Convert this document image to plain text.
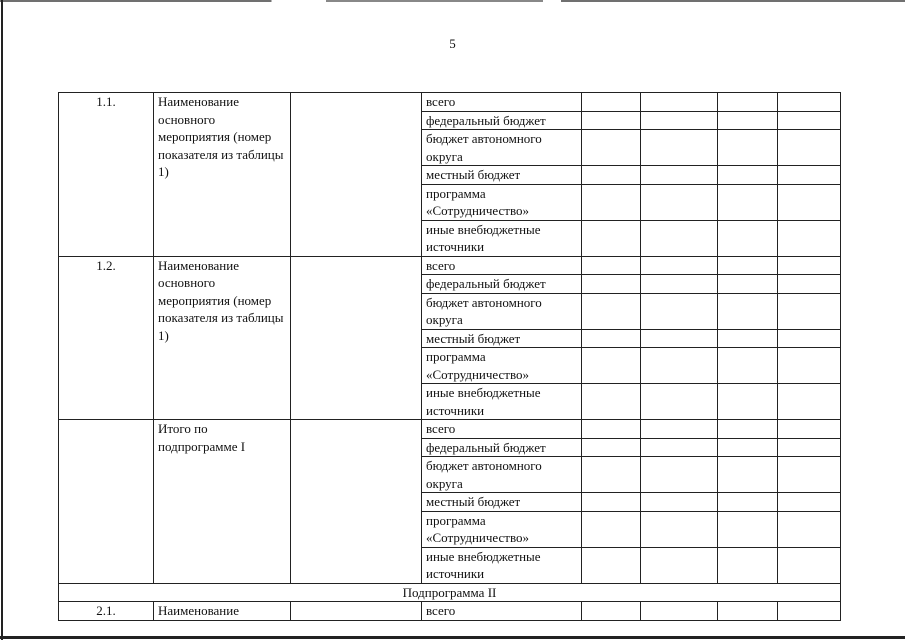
5
1.1.	Наименование основного мероприятия (номер показателя из таблицы 1)		всего				
			федеральный бюджет				
			бюджет автономного округа				
			местный бюджет				
			программа «Сотрудничество»				
			иные внебюджетные источники				
1.2.	Наименование основного мероприятия (номер показателя из таблицы 1)		всего				
			федеральный бюджет				
			бюджет автономного округа				
			местный бюджет				
			программа «Сотрудничество»				
			иные внебюджетные источники				
	Итого по подпрограмме I		всего				
			федеральный бюджет				
			бюджет автономного округа				
			местный бюджет				
			программа «Сотрудничество»				
			иные внебюджетные источники				
Подпрограмма II							
2.1.	Наименование		всего				
